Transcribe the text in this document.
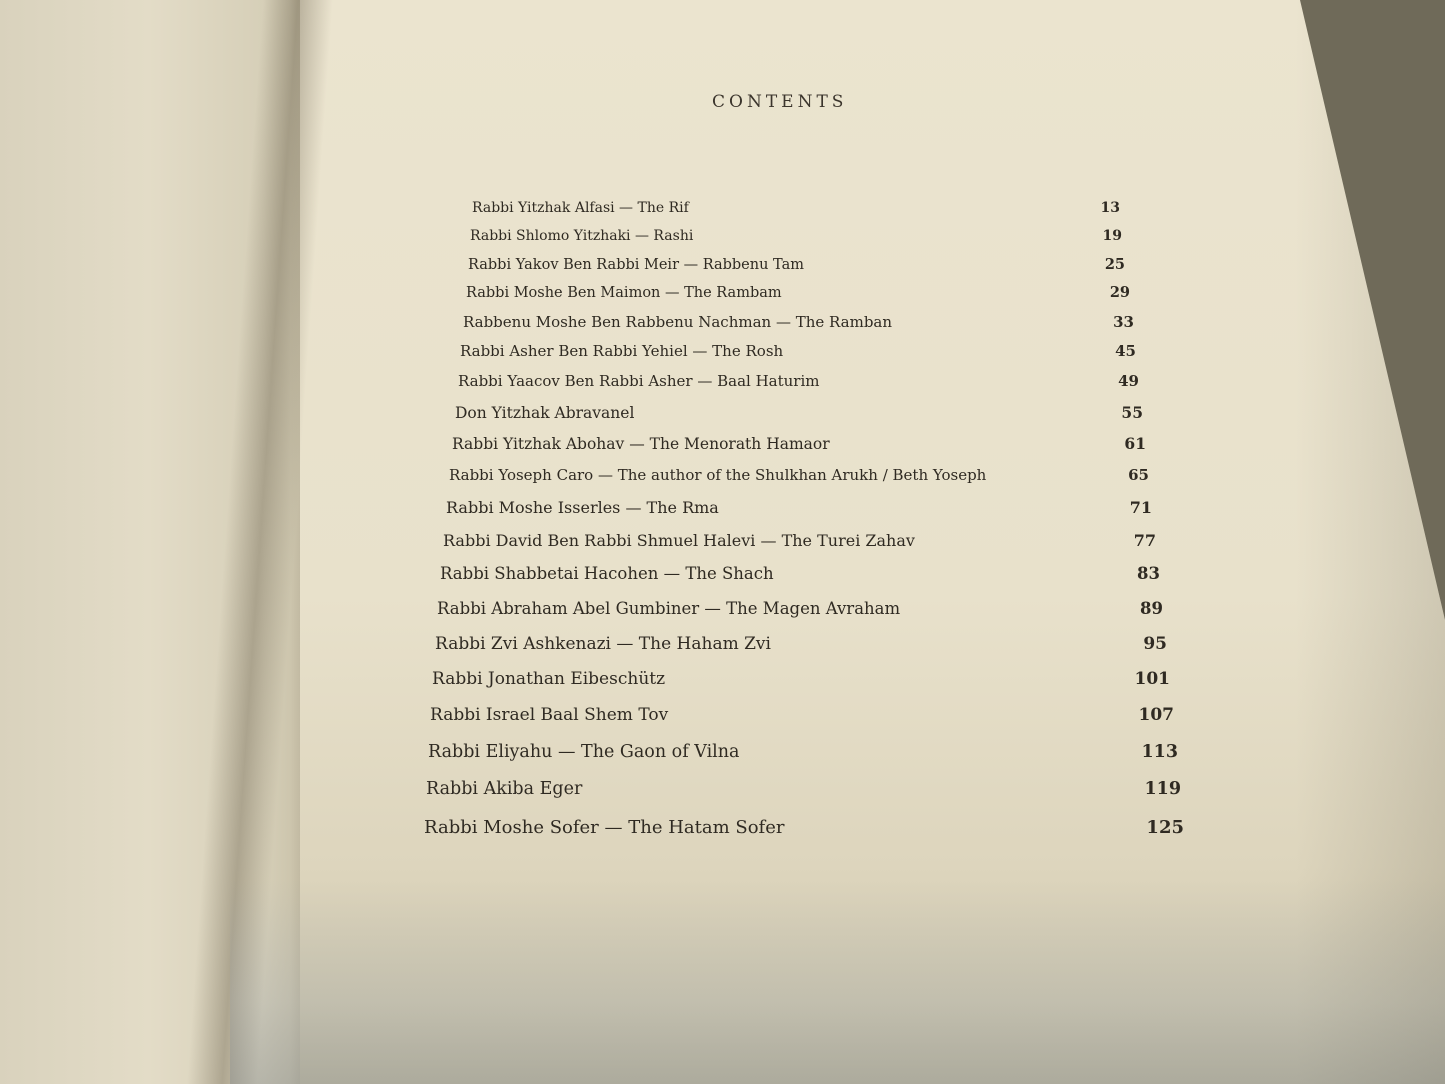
CONTENTS
Rabbi Yitzhak Alfasi — The Rif	13
Rabbi Shlomo Yitzhaki — Rashi	19
Rabbi Yakov Ben Rabbi Meir — Rabbenu Tam	25
Rabbi Moshe Ben Maimon — The Rambam	29
Rabbenu Moshe Ben Rabbenu Nachman — The Ramban	33
Rabbi Asher Ben Rabbi Yehiel — The Rosh	45
Rabbi Yaacov Ben Rabbi Asher — Baal Haturim	49
Don Yitzhak Abravanel	55
Rabbi Yitzhak Abohav — The Menorath Hamaor	61
Rabbi Yoseph Caro — The author of the Shulkhan Arukh / Beth Yoseph	65
Rabbi Moshe Isserles — The Rma	71
Rabbi David Ben Rabbi Shmuel Halevi — The Turei Zahav	77
Rabbi Shabbetai Hacohen — The Shach	83
Rabbi Abraham Abel Gumbiner — The Magen Avraham	89
Rabbi Zvi Ashkenazi — The Haham Zvi	95
Rabbi Jonathan Eibeschütz	101
Rabbi Israel Baal Shem Tov	107
Rabbi Eliyahu — The Gaon of Vilna	113
Rabbi Akiba Eger	119
Rabbi Moshe Sofer — The Hatam Sofer	125
